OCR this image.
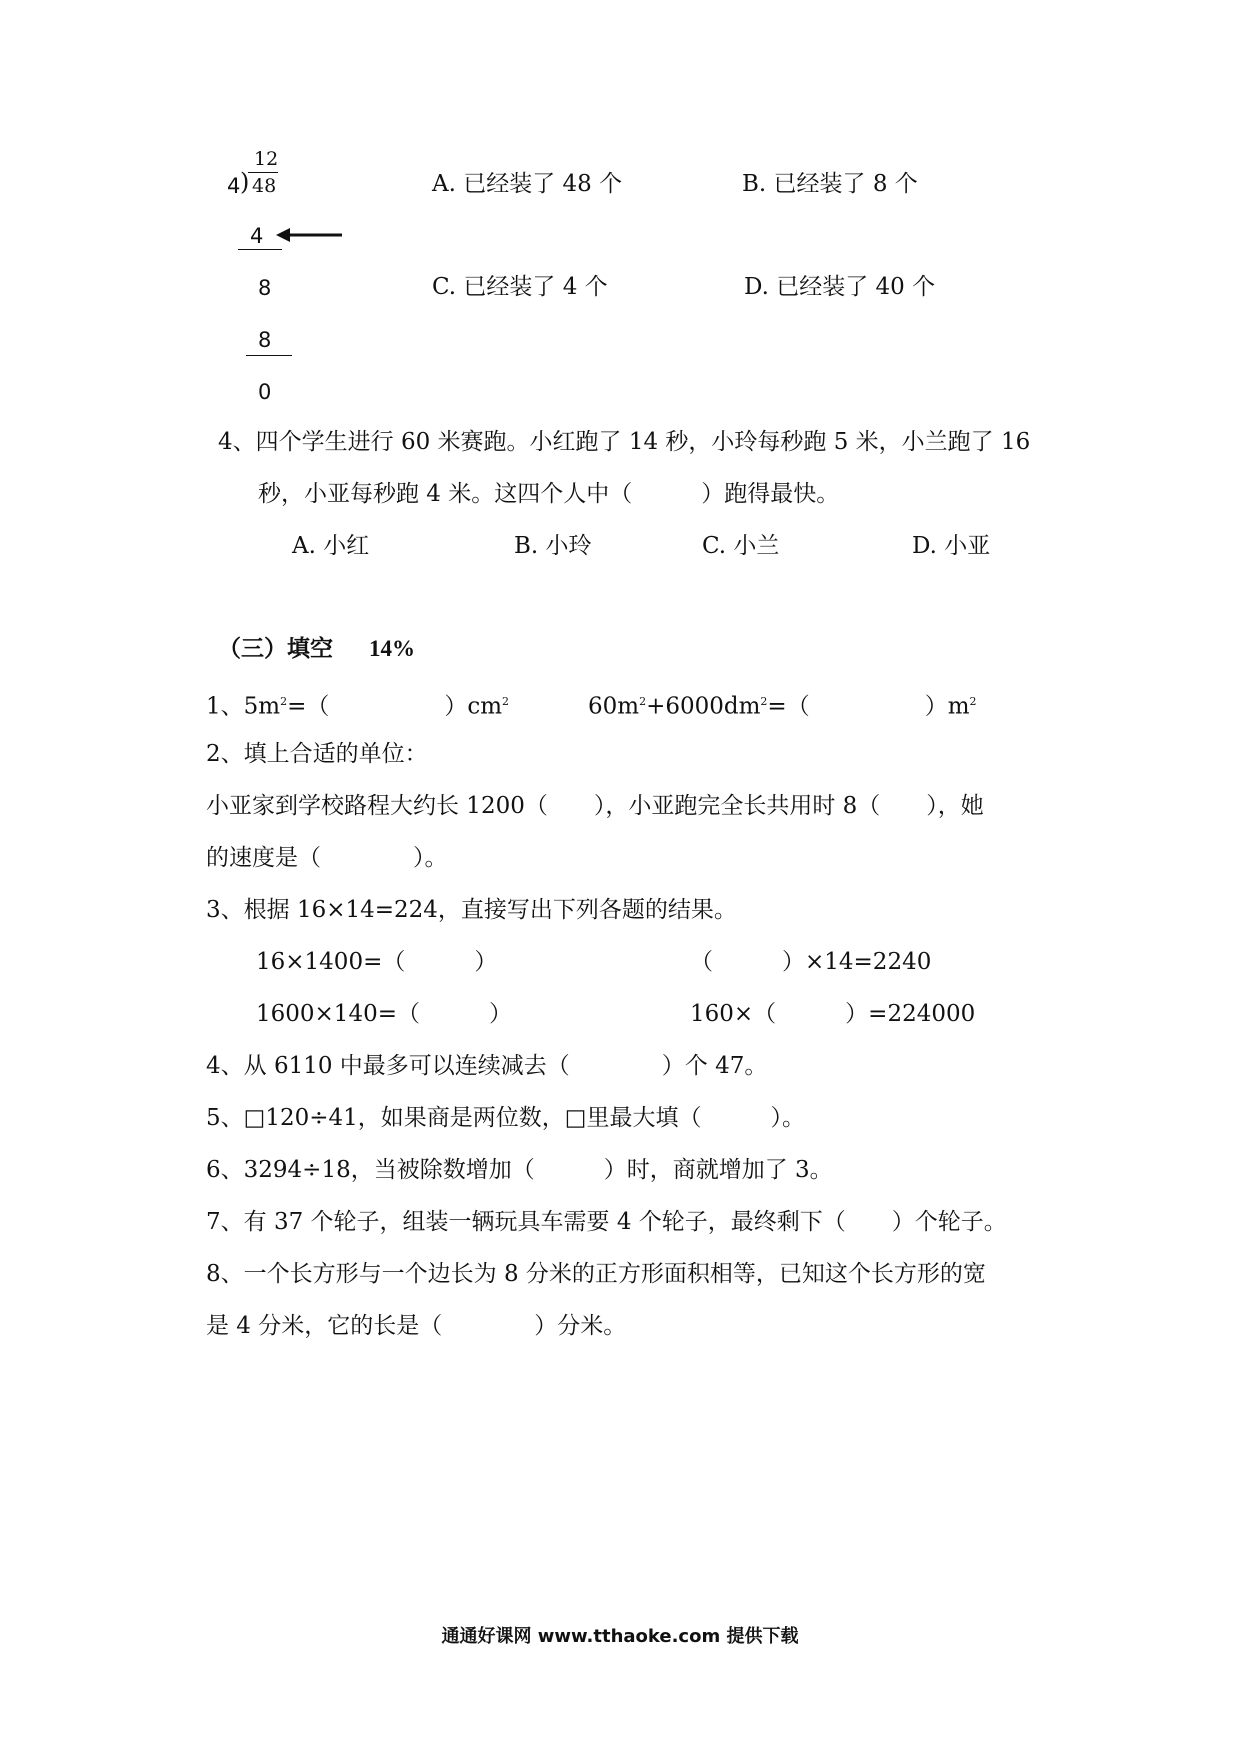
12
4 ) 48
4
8
8
0
A. 已经装了 48 个	B. 已经装了 8 个
C. 已经装了 4 个	D. 已经装了 40 个
4、四个学生进行 60 米赛跑。小红跑了 14 秒，小玲每秒跑 5 米，小兰跑了 16
秒，小亚每秒跑 4 米。这四个人中（　　　）跑得最快。
A. 小红	B. 小玲	C. 小兰	D. 小亚
（三）填空 14%
1、$5m^2=$（　　　　　）$cm^2$	$60m^2+6000dm^2=$（　　　　　）$m^2$
2、填上合适的单位：
小亚家到学校路程大约长 1200（　　），小亚跑完全长共用时 8（　　），她
的速度是（　　　　）。
3、根据 16×14=224，直接写出下列各题的结果。
16×1400=（　　　）	（　　　）×14=2240
1600×140=（　　　）	160×（　　　）=224000
4、从 6110 中最多可以连续减去（　　　　）个 47。
5、□120÷41，如果商是两位数，□里最大填（　　　）。
6、3294÷18，当被除数增加（　　　）时，商就增加了 3。
7、有 37 个轮子，组装一辆玩具车需要 4 个轮子，最终剩下（　　）个轮子。
8、一个长方形与一个边长为 8 分米的正方形面积相等，已知这个长方形的宽
是 4 分米，它的长是（　　　　）分米。
通通好课网 www.tthaoke.com 提供下载
